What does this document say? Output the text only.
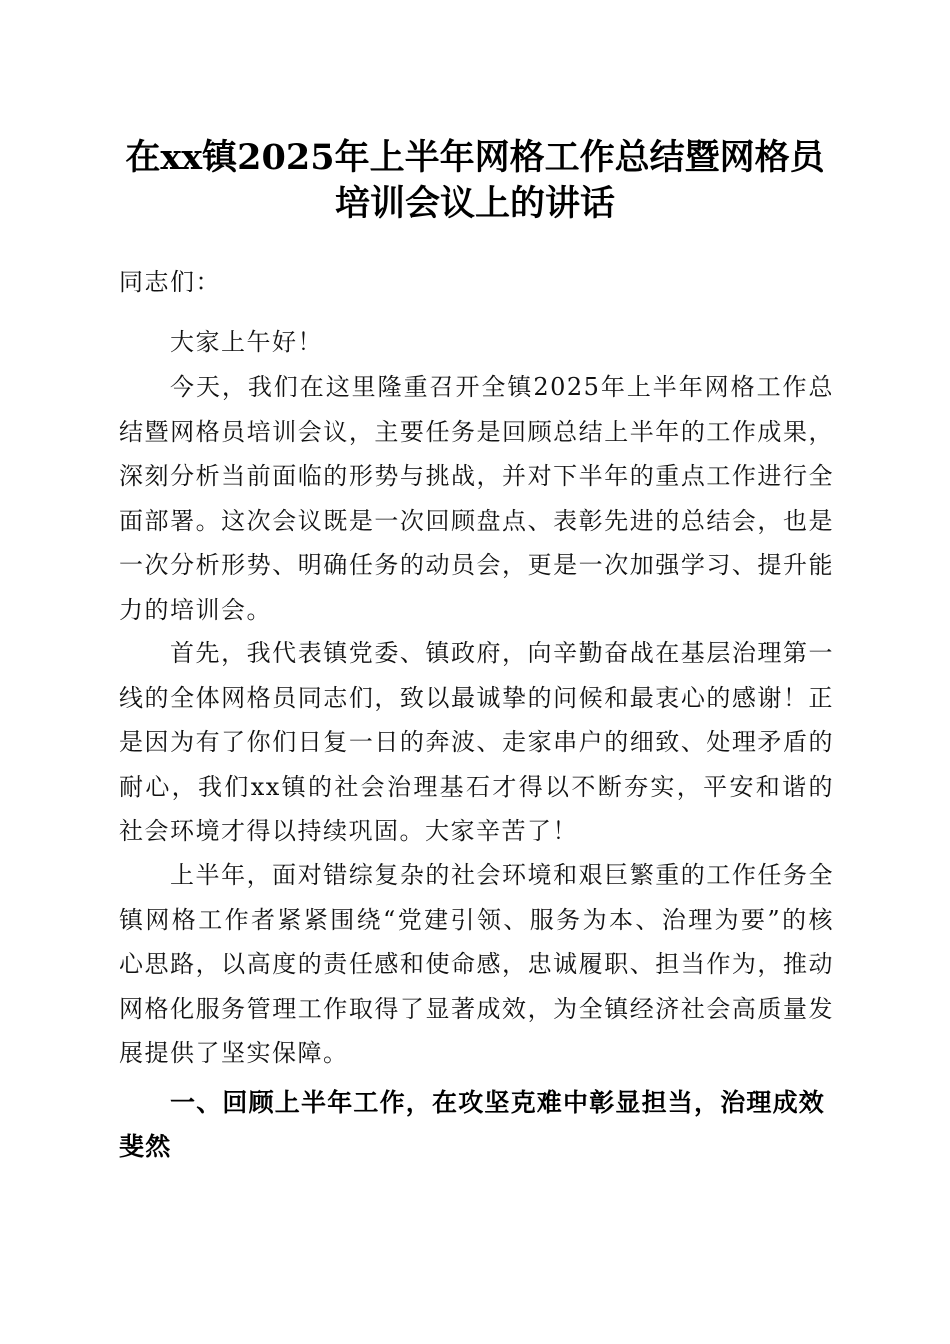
在xx镇2025年上半年网格工作总结暨网格员
培训会议上的讲话
同志们：
大家上午好！
今天，我们在这里隆重召开全镇2025年上半年网格工作总结暨网格员培训会议，主要任务是回顾总结上半年的工作成果，深刻分析当前面临的形势与挑战，并对下半年的重点工作进行全面部署。这次会议既是一次回顾盘点、表彰先进的总结会，也是一次分析形势、明确任务的动员会，更是一次加强学习、提升能力的培训会。
首先，我代表镇党委、镇政府，向辛勤奋战在基层治理第一线的全体网格员同志们，致以最诚挚的问候和最衷心的感谢！正是因为有了你们日复一日的奔波、走家串户的细致、处理矛盾的耐心，我们xx镇的社会治理基石才得以不断夯实，平安和谐的社会环境才得以持续巩固。大家辛苦了！
上半年，面对错综复杂的社会环境和艰巨繁重的工作任务全镇网格工作者紧紧围绕“党建引领、服务为本、治理为要”的核心思路，以高度的责任感和使命感，忠诚履职、担当作为，推动网格化服务管理工作取得了显著成效，为全镇经济社会高质量发展提供了坚实保障。
一、回顾上半年工作，在攻坚克难中彰显担当，治理成效斐然
